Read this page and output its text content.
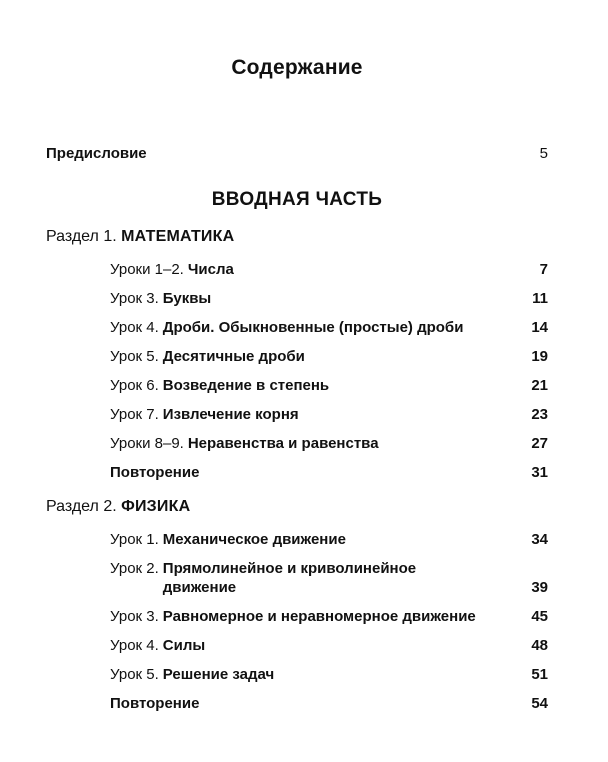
Содержание
Предисловие	5
ВВОДНАЯ ЧАСТЬ
Раздел 1. МАТЕМАТИКА
Уроки 1–2. Числа	7
Урок 3. Буквы	11
Урок 4. Дроби. Обыкновенные (простые) дроби	14
Урок 5. Десятичные дроби	19
Урок 6. Возведение в степень	21
Урок 7. Извлечение корня	23
Уроки 8–9. Неравенства и равенства	27
Повторение	31
Раздел 2. ФИЗИКА
Урок 1. Механическое движение	34
Урок 2. Прямолинейное и криволинейное
движение	39
Урок 3. Равномерное и неравномерное движение	45
Урок 4. Силы	48
Урок 5. Решение задач	51
Повторение	54
